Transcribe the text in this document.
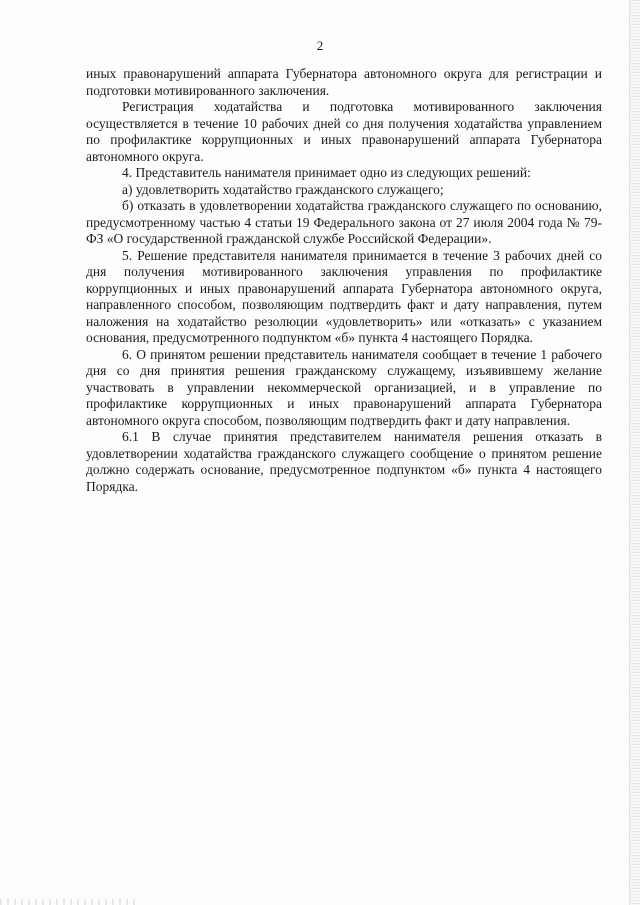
2

иных правонарушений аппарата Губернатора автономного округа для регистрации и подготовки мотивированного заключения.

Регистрация ходатайства и подготовка мотивированного заключения осуществляется в течение 10 рабочих дней со дня получения ходатайства управлением по профилактике коррупционных и иных правонарушений аппарата Губернатора автономного округа.

4. Представитель нанимателя принимает одно из следующих решений:

а) удовлетворить ходатайство гражданского служащего;

б) отказать в удовлетворении ходатайства гражданского служащего по основанию, предусмотренному частью 4 статьи 19 Федерального закона от 27 июля 2004 года № 79-ФЗ «О государственной гражданской службе Российской Федерации».

5. Решение представителя нанимателя принимается в течение 3 рабочих дней со дня получения мотивированного заключения управления по профилактике коррупционных и иных правонарушений аппарата Губернатора автономного округа, направленного способом, позволяющим подтвердить факт и дату направления, путем наложения на ходатайство резолюции «удовлетворить» или «отказать» с указанием основания, предусмотренного подпунктом «б» пункта 4 настоящего Порядка.

6. О принятом решении представитель нанимателя сообщает в течение 1 рабочего дня со дня принятия решения гражданскому служащему, изъявившему желание участвовать в управлении некоммерческой организацией, и в управление по профилактике коррупционных и иных правонарушений аппарата Губернатора автономного округа способом, позволяющим подтвердить факт и дату направления.

6.1 В случае принятия представителем нанимателя решения отказать в удовлетворении ходатайства гражданского служащего сообщение о принятом решение должно содержать основание, предусмотренное подпунктом «б» пункта 4 настоящего Порядка.
